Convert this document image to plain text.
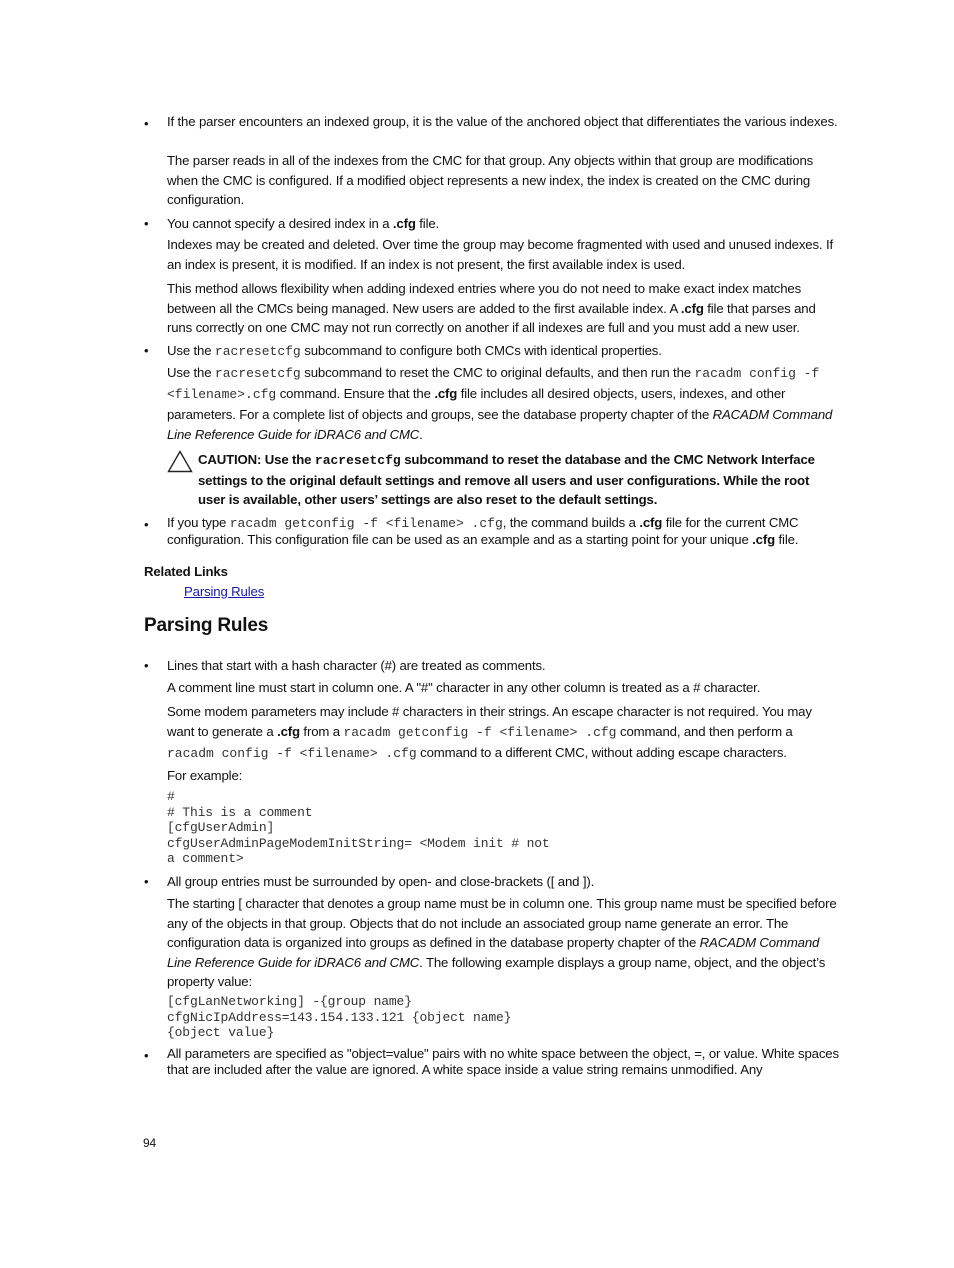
•	If the parser encounters an indexed group, it is the value of the anchored object that differentiates the various indexes.

The parser reads in all of the indexes from the CMC for that group. Any objects within that group are modifications when the CMC is configured. If a modified object represents a new index, the index is created on the CMC during configuration.

•	You cannot specify a desired index in a .cfg file.

Indexes may be created and deleted. Over time the group may become fragmented with used and unused indexes. If an index is present, it is modified. If an index is not present, the first available index is used.

This method allows flexibility when adding indexed entries where you do not need to make exact index matches between all the CMCs being managed. New users are added to the first available index. A .cfg file that parses and runs correctly on one CMC may not run correctly on another if all indexes are full and you must add a new user.

•	Use the racresetcfg subcommand to configure both CMCs with identical properties.

Use the racresetcfg subcommand to reset the CMC to original defaults, and then run the racadm config -f <filename>.cfg command. Ensure that the .cfg file includes all desired objects, users, indexes, and other parameters. For a complete list of objects and groups, see the database property chapter of the RACADM Command Line Reference Guide for iDRAC6 and CMC.

CAUTION: Use the racresetcfg subcommand to reset the database and the CMC Network Interface settings to the original default settings and remove all users and user configurations. While the root user is available, other users’ settings are also reset to the default settings.
•	If you type racadm getconfig -f <filename> .cfg, the command builds a .cfg file for the current CMC configuration. This configuration file can be used as an example and as a starting point for your unique .cfg file.

Related Links
Parsing Rules
Parsing Rules
•	Lines that start with a hash character (#) are treated as comments.

A comment line must start in column one. A "#" character in any other column is treated as a # character.

Some modem parameters may include # characters in their strings. An escape character is not required. You may want to generate a .cfg from a racadm getconfig -f <filename> .cfg command, and then perform a racadm config -f <filename> .cfg command to a different CMC, without adding escape characters.

For example:

#
# This is a comment
[cfgUserAdmin]
cfgUserAdminPageModemInitString= <Modem init # not
a comment>
•	All group entries must be surrounded by open- and close-brackets ([ and ]).

The starting [ character that denotes a group name must be in column one. This group name must be specified before any of the objects in that group. Objects that do not include an associated group name generate an error. The configuration data is organized into groups as defined in the database property chapter of the RACADM Command Line Reference Guide for iDRAC6 and CMC. The following example displays a group name, object, and the object’s property value:

[cfgLanNetworking] -{group name}
cfgNicIpAddress=143.154.133.121 {object name}
{object value}
•	All parameters are specified as "object=value" pairs with no white space between the object, =, or value. White spaces that are included after the value are ignored. A white space inside a value string remains unmodified. Any

94
